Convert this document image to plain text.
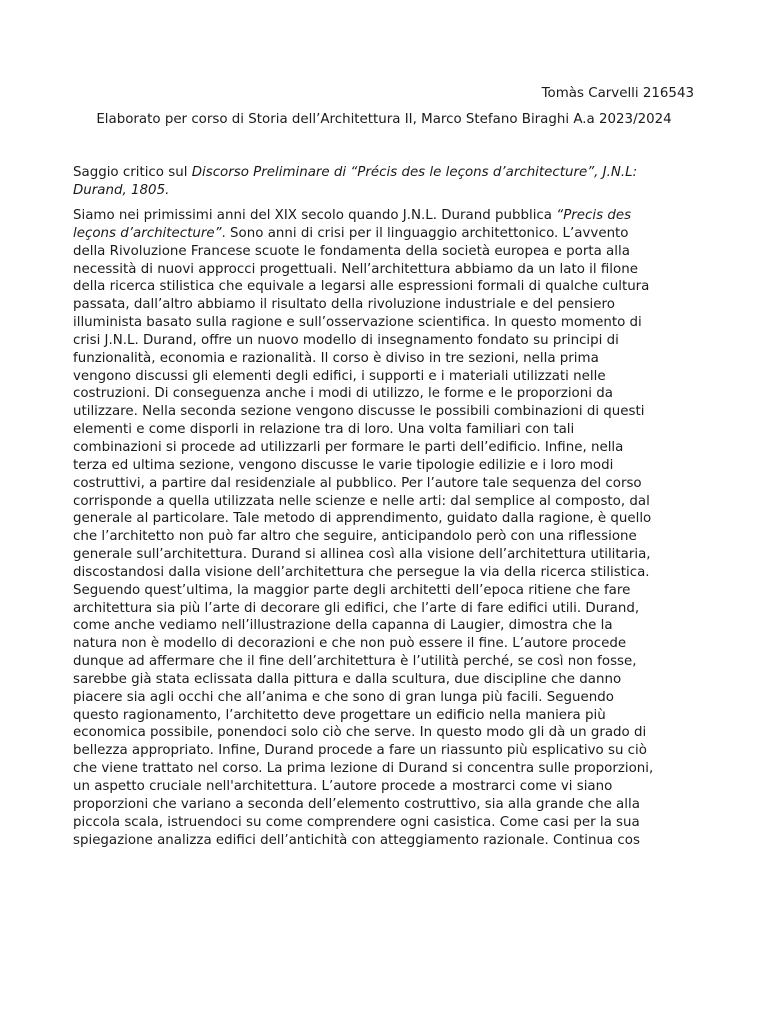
Tomàs Carvelli 216543
Elaborato per corso di Storia dell’Architettura II, Marco Stefano Biraghi A.a 2023/2024
Saggio critico sul Discorso Preliminare di “Précis des le leçons d’architecture”, J.N.L:
Durand, 1805.
Siamo nei primissimi anni del XIX secolo quando J.N.L. Durand pubblica “Precis des
leçons d’architecture”. Sono anni di crisi per il linguaggio architettonico. L’avvento
della Rivoluzione Francese scuote le fondamenta della società europea e porta alla
necessità di nuovi approcci progettuali. Nell’architettura abbiamo da un lato il filone
della ricerca stilistica che equivale a legarsi alle espressioni formali di qualche cultura
passata, dall’altro abbiamo il risultato della rivoluzione industriale e del pensiero
illuminista basato sulla ragione e sull’osservazione scientifica. In questo momento di
crisi J.N.L. Durand, offre un nuovo modello di insegnamento fondato su principi di
funzionalità, economia e razionalità. Il corso è diviso in tre sezioni, nella prima
vengono discussi gli elementi degli edifici, i supporti e i materiali utilizzati nelle
costruzioni. Di conseguenza anche i modi di utilizzo, le forme e le proporzioni da
utilizzare. Nella seconda sezione vengono discusse le possibili combinazioni di questi
elementi e come disporli in relazione tra di loro. Una volta familiari con tali
combinazioni si procede ad utilizzarli per formare le parti dell’edificio. Infine, nella
terza ed ultima sezione, vengono discusse le varie tipologie edilizie e i loro modi
costruttivi, a partire dal residenziale al pubblico. Per l’autore tale sequenza del corso
corrisponde a quella utilizzata nelle scienze e nelle arti: dal semplice al composto, dal
generale al particolare. Tale metodo di apprendimento, guidato dalla ragione, è quello
che l’architetto non può far altro che seguire, anticipandolo però con una riflessione
generale sull’architettura. Durand si allinea così alla visione dell’architettura utilitaria,
discostandosi dalla visione dell’architettura che persegue la via della ricerca stilistica.
Seguendo quest’ultima, la maggior parte degli architetti dell’epoca ritiene che fare
architettura sia più l’arte di decorare gli edifici, che l’arte di fare edifici utili. Durand,
come anche vediamo nell’illustrazione della capanna di Laugier, dimostra che la
natura non è modello di decorazioni e che non può essere il fine. L’autore procede
dunque ad affermare che il fine dell’architettura è l’utilità perché, se così non fosse,
sarebbe già stata eclissata dalla pittura e dalla scultura, due discipline che danno
piacere sia agli occhi che all’anima e che sono di gran lunga più facili. Seguendo
questo ragionamento, l’architetto deve progettare un edificio nella maniera più
economica possibile, ponendoci solo ciò che serve. In questo modo gli dà un grado di
bellezza appropriato. Infine, Durand procede a fare un riassunto più esplicativo su ciò
che viene trattato nel corso. La prima lezione di Durand si concentra sulle proporzioni,
un aspetto cruciale nell'architettura. L’autore procede a mostrarci come vi siano
proporzioni che variano a seconda dell’elemento costruttivo, sia alla grande che alla
piccola scala, istruendoci su come comprendere ogni casistica. Come casi per la sua
spiegazione analizza edifici dell’antichità con atteggiamento razionale. Continua cos
